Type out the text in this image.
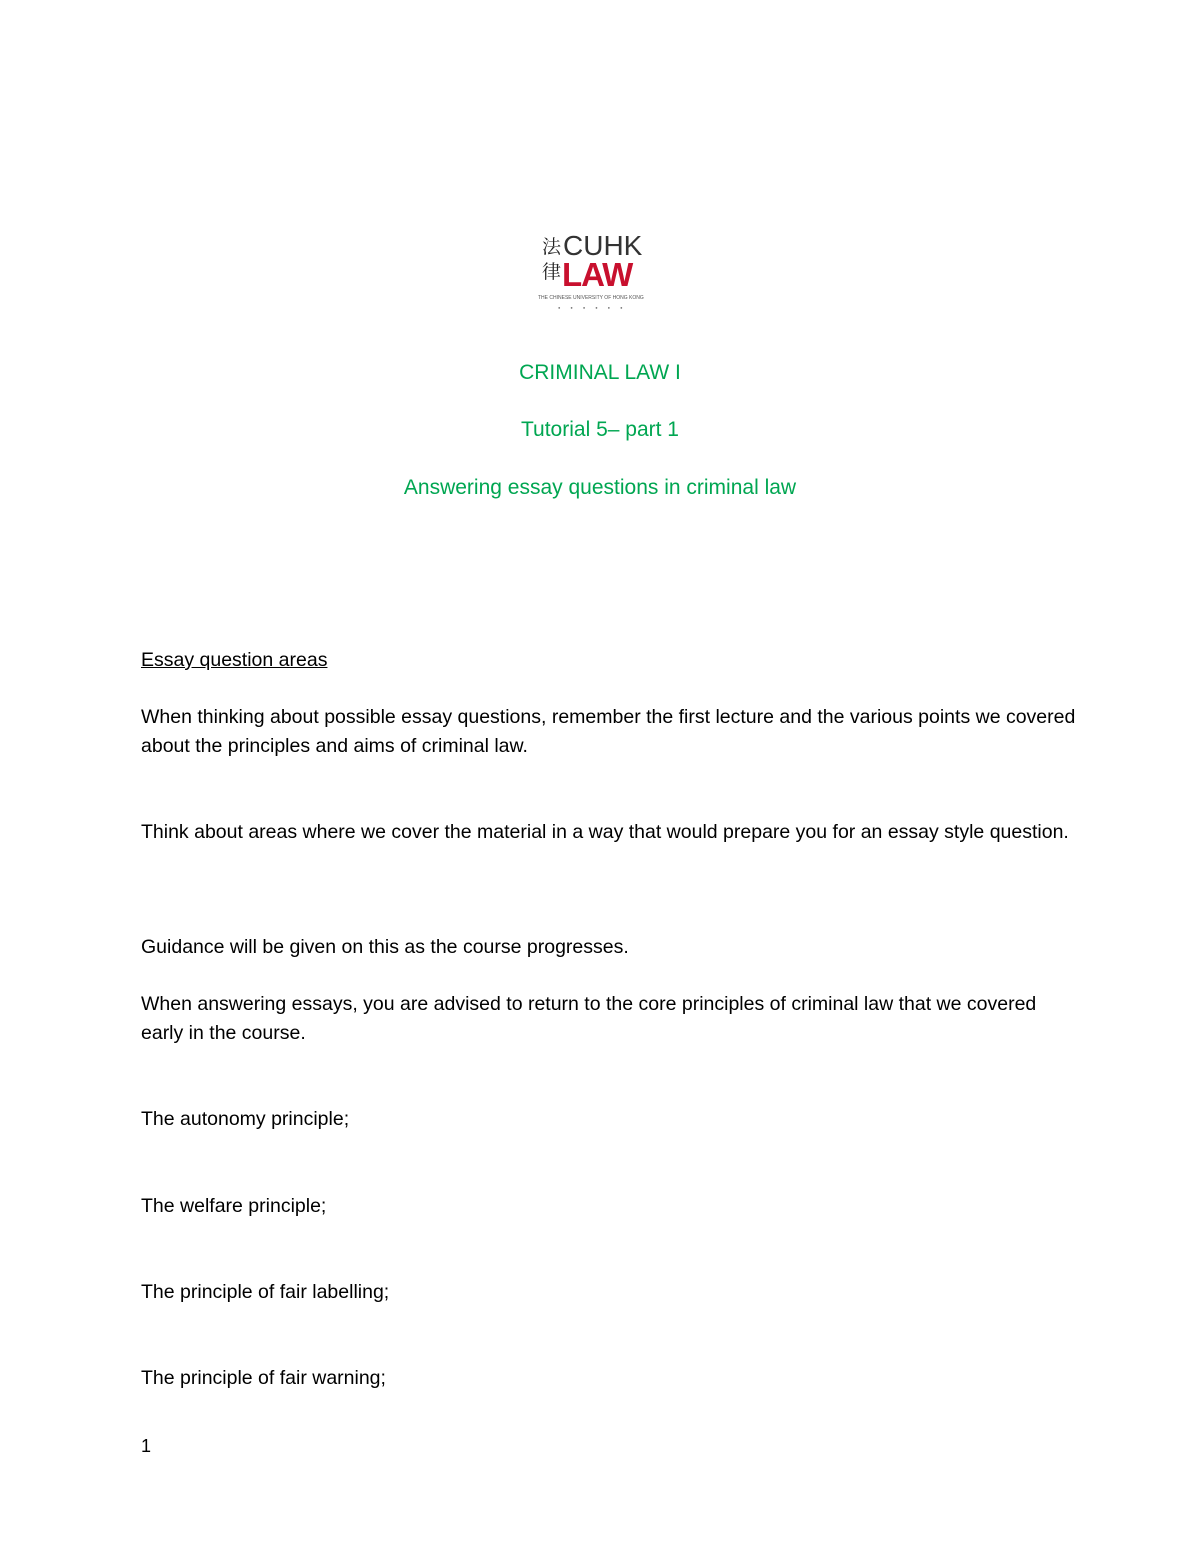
法
律
CUHK
LAW
THE CHINESE UNIVERSITY OF HONG KONG
●●●●●●
CRIMINAL LAW I
Tutorial 5– part 1
Answering essay questions in criminal law
Essay question areas
When thinking about possible essay questions, remember the first lecture and the various points we covered about the principles and aims of criminal law.
Think about areas where we cover the material in a way that would prepare you for an essay style question.
Guidance will be given on this as the course progresses.
When answering essays, you are advised to return to the core principles of criminal law that we covered early in the course.
The autonomy principle;
The welfare principle;
The principle of fair labelling;
The principle of fair warning;
1
